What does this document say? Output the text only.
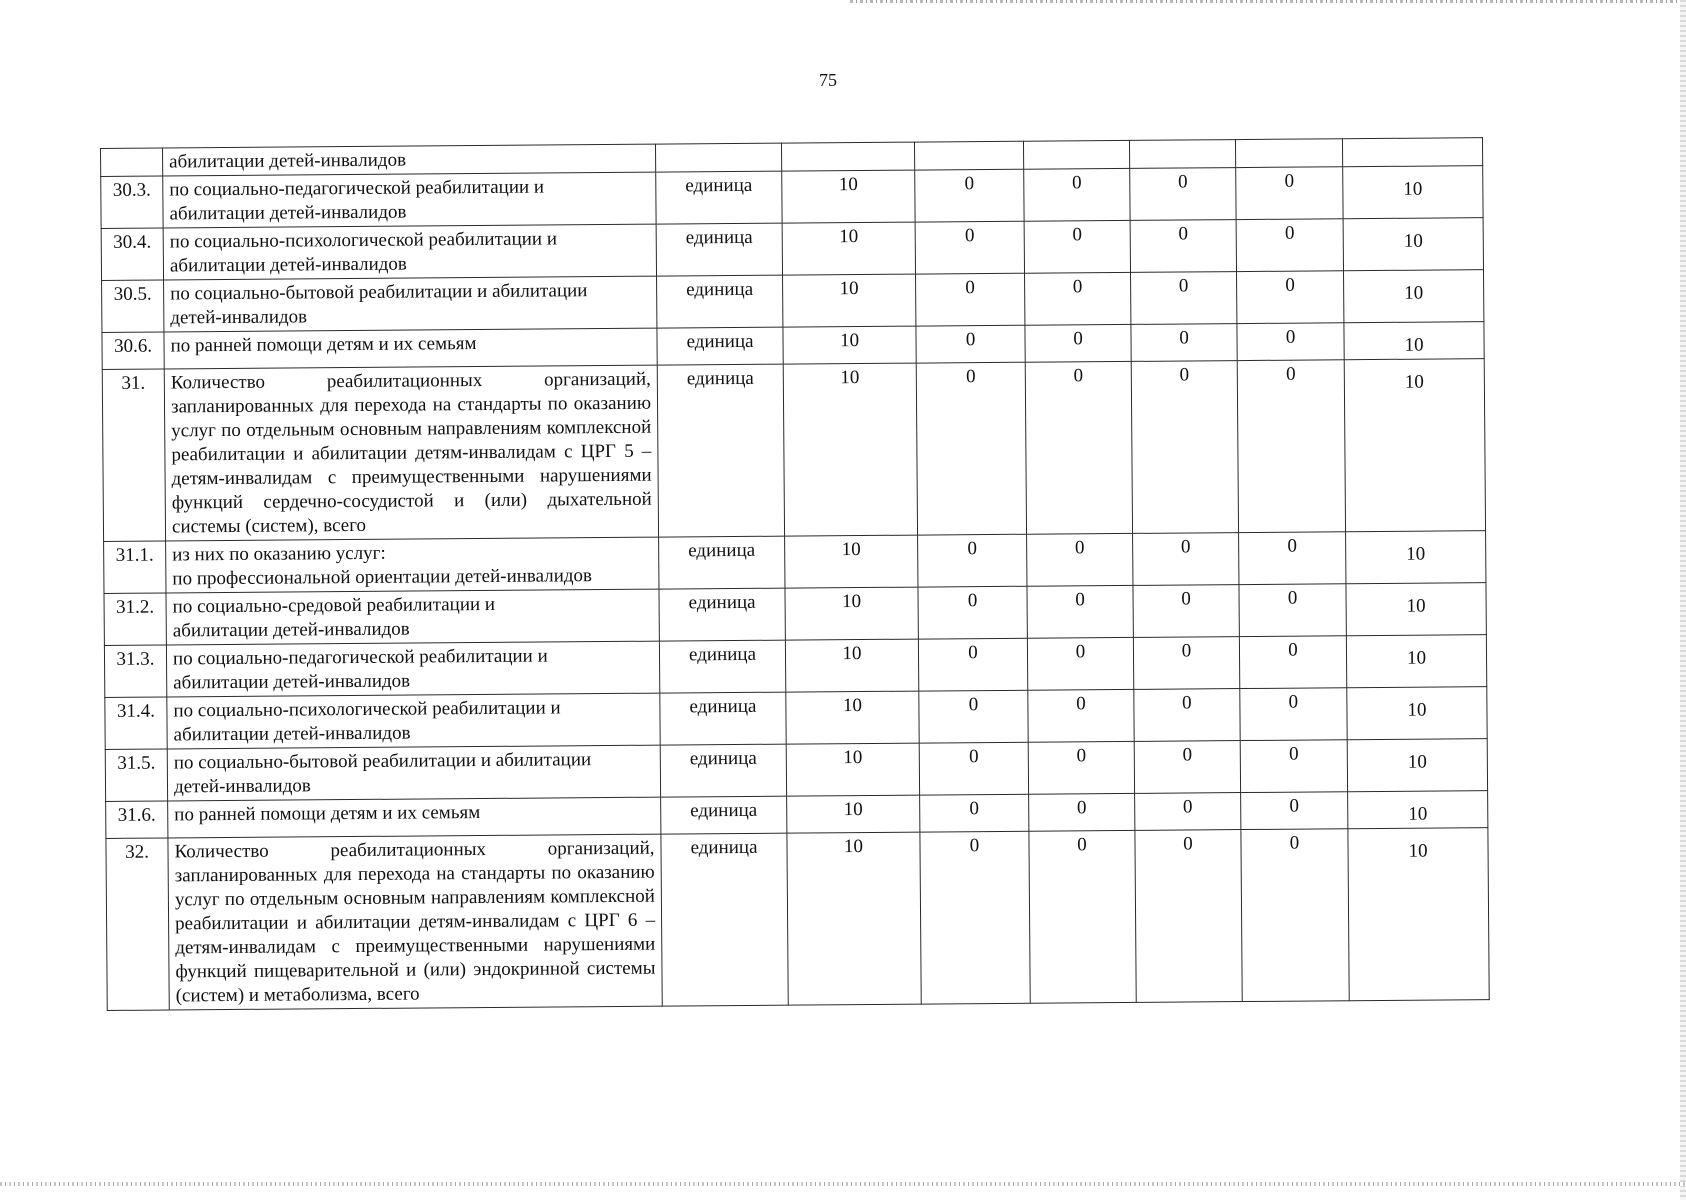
75

	абилитации детей-инвалидов							

30.3.	по социально-педагогической реабилитации и
абилитации детей-инвалидов	единица	10	0	0	0	0	10
30.4.	по социально-психологической реабилитации и
абилитации детей-инвалидов	единица	10	0	0	0	0	10
30.5.	по социально-бытовой реабилитации и абилитации
детей-инвалидов	единица	10	0	0	0	0	10
30.6.	по ранней помощи детям и их семьям	единица	10	0	0	0	0	10
31.	Количество реабилитационных организаций, запланированных для перехода на стандарты по оказанию услуг по отдельным основным направлениям комплексной реабилитации и абилитации детям-инвалидам с ЦРГ 5 – детям-инвалидам с преимущественными нарушениями функций сердечно-сосудистой и (или) дыхательной системы (систем), всего	единица	10	0	0	0	0	10
31.1.	из них по оказанию услуг:
по профессиональной ориентации детей-инвалидов	единица	10	0	0	0	0	10
31.2.	по социально-средовой реабилитации и
абилитации детей-инвалидов	единица	10	0	0	0	0	10
31.3.	по социально-педагогической реабилитации и
абилитации детей-инвалидов	единица	10	0	0	0	0	10
31.4.	по социально-психологической реабилитации и
абилитации детей-инвалидов	единица	10	0	0	0	0	10
31.5.	по социально-бытовой реабилитации и абилитации
детей-инвалидов	единица	10	0	0	0	0	10
31.6.	по ранней помощи детям и их семьям	единица	10	0	0	0	0	10
32.	Количество реабилитационных организаций, запланированных для перехода на стандарты по оказанию услуг по отдельным основным направлениям комплексной реабилитации и абилитации детям-инвалидам с ЦРГ 6 – детям-инвалидам с преимущественными нарушениями функций пищеварительной и (или) эндокринной системы (систем) и метаболизма, всего	единица	10	0	0	0	0	10
